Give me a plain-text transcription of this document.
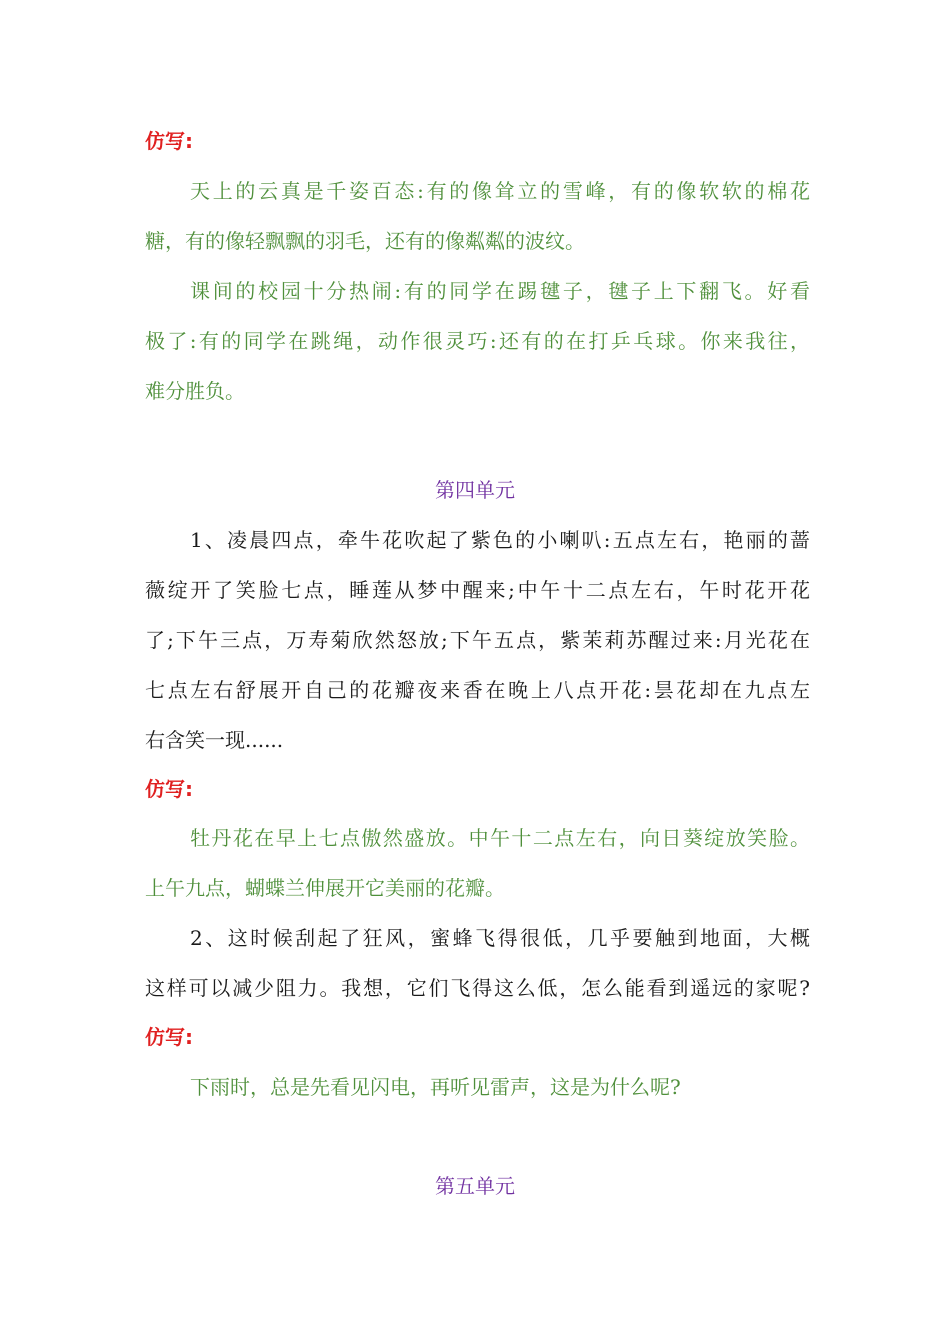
仿写:
天上的云真是千姿百态:有的像耸立的雪峰，有的像软软的棉花
糖，有的像轻飘飘的羽毛，还有的像粼粼的波纹。
课间的校园十分热闹:有的同学在踢毽子，毽子上下翻飞。好看
极了:有的同学在跳绳，动作很灵巧:还有的在打乒乓球。你来我往，
难分胜负。
第四单元
1、凌晨四点，牵牛花吹起了紫色的小喇叭:五点左右，艳丽的蔷
薇绽开了笑脸七点，睡莲从梦中醒来;中午十二点左右，午时花开花
了;下午三点，万寿菊欣然怒放;下午五点，紫茉莉苏醒过来:月光花在
七点左右舒展开自己的花瓣夜来香在晚上八点开花:昙花却在九点左
右含笑一现......
仿写:
牡丹花在早上七点傲然盛放。中午十二点左右，向日葵绽放笑脸。
上午九点，蝴蝶兰伸展开它美丽的花瓣。
2、这时候刮起了狂风，蜜蜂飞得很低，几乎要触到地面，大概
这样可以减少阻力。我想，它们飞得这么低，怎么能看到遥远的家呢?
仿写:
下雨时，总是先看见闪电，再听见雷声，这是为什么呢?
第五单元
